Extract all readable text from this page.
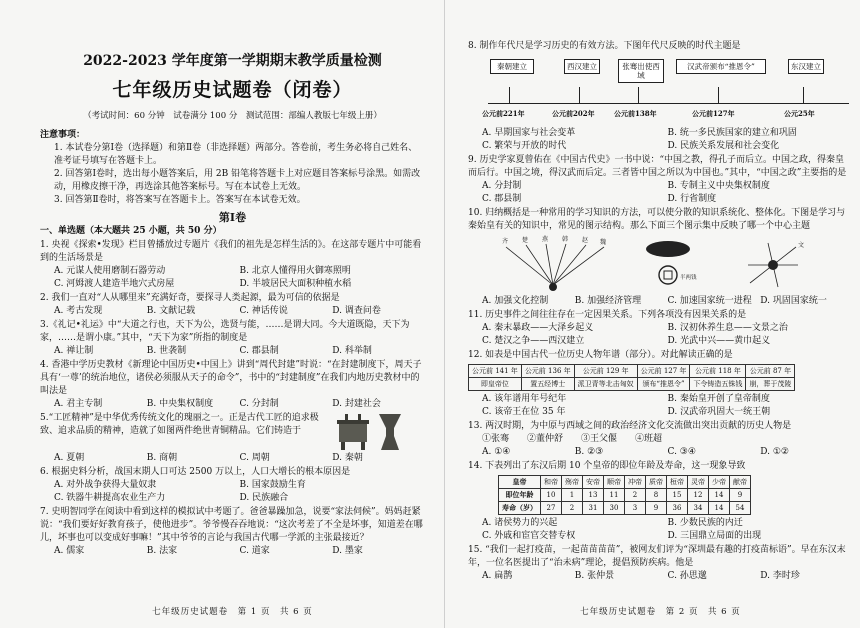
2022-2023 学年度第一学期期末教学质量检测
七年级历史试题卷（闭卷）
（考试时间：60 分钟　试卷满分 100 分　测试范围：部编人教版七年级上册）
注意事项：
1. 本试卷分第Ⅰ卷（选择题）和第Ⅱ卷（非选择题）两部分。答卷前，考生务必将自己姓名、准考证号填写在答题卡上。
2. 回答第Ⅰ卷时，选出每小题答案后，用 2B 铅笔将答题卡上对应题目答案标号涂黑。如需改动，用橡皮擦干净，再选涂其他答案标号。写在本试卷上无效。
3. 回答第Ⅱ卷时，将答案写在答题卡上。答案写在本试卷无效。
第Ⅰ卷
一、单选题（本大题共 25 小题，共 50 分）
1. 央视《探索•发现》栏目曾播放过专题片《我们的祖先是怎样生活的》。在这部专题片中可能看到的生活场景是
A. 元谋人使用磨制石器劳动	B. 北京人懂得用火御寒照明
C. 河姆渡人建造半地穴式房屋	D. 半坡居民大面积种植水稻
2. 我们一直对“人从哪里来”充满好奇，要探寻人类起源，最为可信的依据是
A. 考古发现	B. 文献记载	C. 神话传说	D. 调查问卷
3.《礼记•礼运》中“大道之行也，天下为公，选贤与能，……是谓大同。今大道既隐，天下为家，……是谓小康。”其中，“天下为家”所指的制度是
A. 禅让制	B. 世袭制	C. 郡县制	D. 科举制
4. 香港中学历史教材《新理论中国历史•中国上》讲到“周代封建”时说：“在封建制度下，周天子具有‘一尊’的统治地位，诸侯必须服从天子的命令”，书中的“封建制度”在我们内地历史教材中的叫法是
A. 君主专制	B. 中央集权制度	C. 分封制	D. 封建社会
5.“工匠精神”是中华优秀传统文化的瑰丽之一。正是古代工匠的追求极致、追求品质的精神，造就了如图两件绝世青铜精品。它们铸造于
A. 夏朝	B. 商朝	C. 周朝	D. 秦朝
6. 根据史料分析，战国末期人口可达 2500 万以上，人口大增长的根本原因是
A. 对外战争获得大量奴隶	B. 国家鼓励生育
C. 铁器牛耕提高农业生产力	D. 民族融合
7. 史明智同学在阅读中看到这样的模拟试中考题了。爸爸暴躁加急，说要“家法伺候”。妈妈赶紧说：“我们要好好教育孩子，使他进步”。爷爷慢吞吞地说：“这次考差了不全是坏事，知道差在哪儿，坏事也可以变成好事嘛！”其中爷爷的言论与我国古代哪一学派的主张最接近？
A. 儒家	B. 法家	C. 道家	D. 墨家
七年级历史试题卷　第 1 页　共 6 页
8. 制作年代尺是学习历史的有效方法。下图年代尺反映的时代主题是
秦朝建立	西汉建立	张骞出使西域
汉武帝颁布“推恩令”	东汉建立
公元前221年	公元前202年	公元前138年	公元前127年	公元25年
A. 早期国家与社会变革	B. 统一多民族国家的建立和巩固
C. 繁荣与开放的时代	D. 民族关系发展和社会变化
9. 历史学家夏曾佑在《中国古代史》一书中说：“中国之教，得孔子而后立。中国之政，得秦皇而后行。中国之境，得汉武而后定。三者皆中国之所以为中国也。”其中，“中国之政”主要指的是
A. 分封制	B. 专制主义中央集权制度
C. 郡县制	D. 行省制度
10. 归纳概括是一种常用的学习知识的方法，可以使分散的知识系统化、整体化。下图是学习与秦始皇有关的知识中，常见的图示结构。那么下面三个图示集中反映了哪一个中心主题
齐 楚 燕 韩 赵 魏
半两钱
文
A. 加强文化控制	B. 加强经济管理	C. 加速国家统一进程 D. 巩固国家统一
11. 历史事件之间往往存在一定因果关系。下列各项没有因果关系的是
A. 秦末暴政——大泽乡起义	B. 汉初休养生息——文景之治
C. 楚汉之争——西汉建立	D. 光武中兴——黄巾起义
12. 如表是中国古代一位历史人物年谱（部分）。对此解读正确的是
公元前 141 年	公元前 136 年	公元前 129 年	公元前 127 年	公元前 118 年	公元前 87 年
即皇帝位	置五经博士	派卫青等北击匈奴	颁布“推恩令”	下令铸造五铢钱	崩，葬于茂陵
A. 该年谱用年号纪年	B. 秦始皇开创了皇帝制度
C. 该帝王在位 35 年	D. 汉武帝巩固大一统王朝
13. 两汉时期，为中原与西域之间的政治经济文化交流做出突出贡献的历史人物是
①张骞　　②董仲舒　　③王父偃　　④班超
A. ①④	B. ②③	C. ③④	D. ①②
14. 下表列出了东汉后期 10 个皇帝的即位年龄及寿命，这一现象导致
皇帝	和帝	殇帝	安帝	顺帝	冲帝	质帝	桓帝	灵帝	少帝	献帝
即位年龄	10	1	13	11	2	8	15	12	14	9
寿命（岁）	27	2	31	30	3	9	36	34	14	54
A. 诸侯势力的兴起	B. 少数民族的内迁
C. 外戚和宦官交替专权	D. 三国鼎立局面的出现
15. “我们一起打疫苗，一起苗苗苗苗”，被网友们评为“深圳最有趣的打疫苗标语”。早在东汉末年，一位名医提出了“治未病”理论，提倡预防疾病。他是
A. 扁鹊	B. 张仲景	C. 孙思邈	D. 李时珍
七年级历史试题卷　第 2 页　共 6 页
